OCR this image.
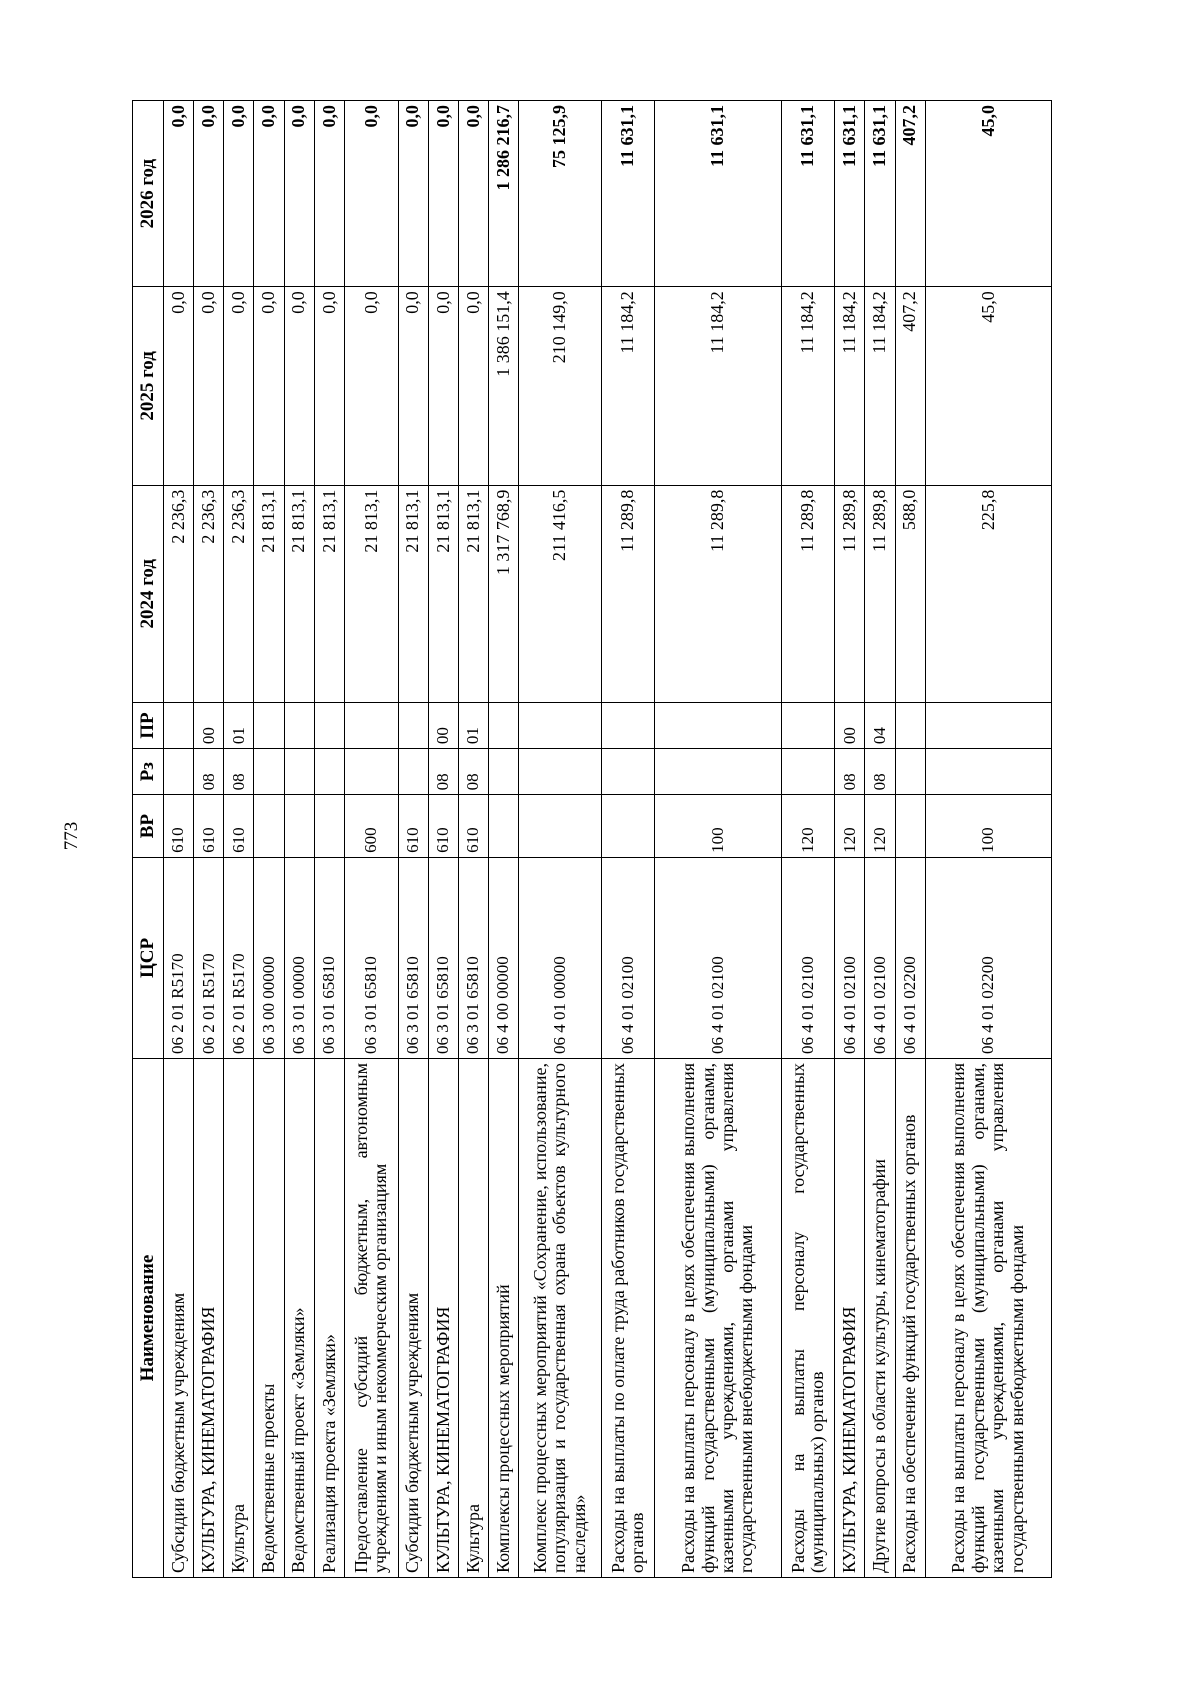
773
Наименование	ЦСР	ВР	Рз	ПР	2024 год	2025 год	2026 год
Субсидии бюджетным учреждениям	06 2 01 R5170	610			2 236,3	0,0	0,0
КУЛЬТУРА, КИНЕМАТОГРАФИЯ	06 2 01 R5170	610	08	00	2 236,3	0,0	0,0
Культура	06 2 01 R5170	610	08	01	2 236,3	0,0	0,0
Ведомственные проекты	06 3 00 00000				21 813,1	0,0	0,0
Ведомственный проект «Земляки»	06 3 01 00000				21 813,1	0,0	0,0
Реализация проекта «Земляки»	06 3 01 65810				21 813,1	0,0	0,0
Предоставление субсидий бюджетным, автономным учреждениям и иным некоммерческим организациям	06 3 01 65810	600			21 813,1	0,0	0,0
Субсидии бюджетным учреждениям	06 3 01 65810	610			21 813,1	0,0	0,0
КУЛЬТУРА, КИНЕМАТОГРАФИЯ	06 3 01 65810	610	08	00	21 813,1	0,0	0,0
Культура	06 3 01 65810	610	08	01	21 813,1	0,0	0,0
Комплексы процессных мероприятий	06 4 00 00000				1 317 768,9	1 386 151,4	1 286 216,7
Комплекс процессных мероприятий «Сохранение, использование, популяризация и государственная охрана объектов культурного наследия»	06 4 01 00000				211 416,5	210 149,0	75 125,9
Расходы на выплаты по оплате труда работников государственных органов	06 4 01 02100				11 289,8	11 184,2	11 631,1
Расходы на выплаты персоналу в целях обеспечения выполнения функций государственными (муниципальными) органами, казенными учреждениями, органами управления государственными внебюджетными фондами	06 4 01 02100	100			11 289,8	11 184,2	11 631,1
Расходы на выплаты персоналу государственных (муниципальных) органов	06 4 01 02100	120			11 289,8	11 184,2	11 631,1
КУЛЬТУРА, КИНЕМАТОГРАФИЯ	06 4 01 02100	120	08	00	11 289,8	11 184,2	11 631,1
Другие вопросы в области культуры, кинематографии	06 4 01 02100	120	08	04	11 289,8	11 184,2	11 631,1
Расходы на обеспечение функций государственных органов	06 4 01 02200				588,0	407,2	407,2
Расходы на выплаты персоналу в целях обеспечения выполнения функций государственными (муниципальными) органами, казенными учреждениями, органами управления государственными внебюджетными фондами	06 4 01 02200	100			225,8	45,0	45,0
